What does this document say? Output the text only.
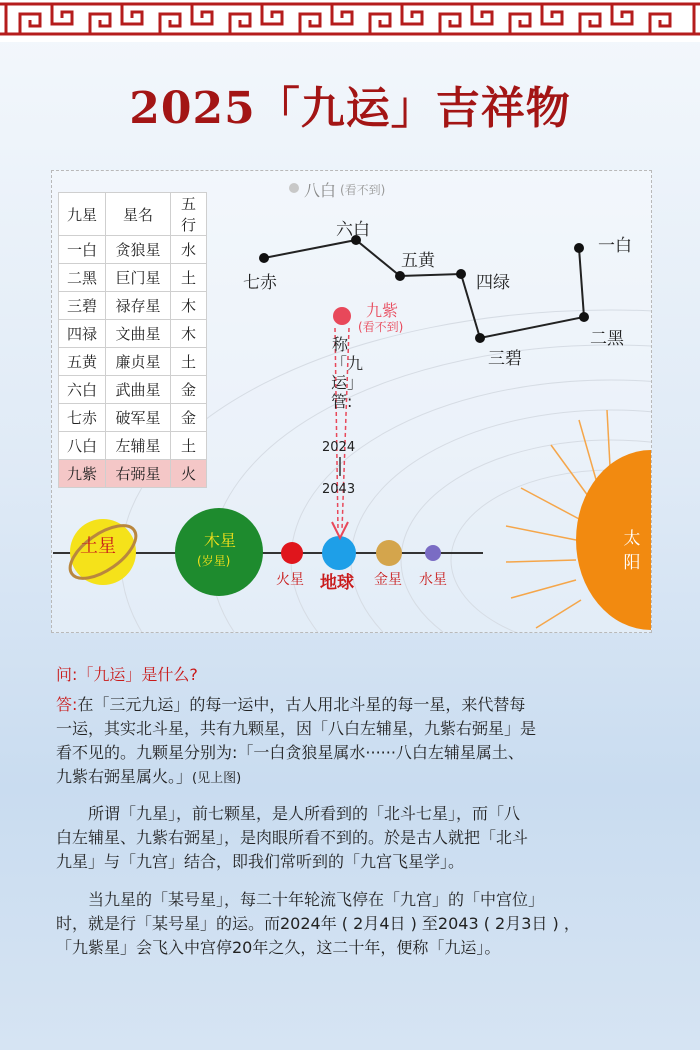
2025「九运」吉祥物
九星	星名	五行
一白	贪狼星	水
二黑	巨门星	土
三碧	禄存星	木
四禄	文曲星	木
五黄	廉贞星	土
六白	武曲星	金
七赤	破军星	金
八白	左辅星	土
九紫	右弼星	火
八白 (看不到)
七赤
六白
五黄
四绿
三碧
二黑
一白
九紫
(看不到)
称「九运」管:
2024
2043
土星	木星
(岁星)
火星 地球 金星 水星
太阳
问:「九运」是什么?
答:在「三元九运」的每一运中，古人用北斗星的每一星，来代替每
一运，其实北斗星，共有九颗星，因「八白左辅星，九紫右弼星」是
看不见的。九颗星分别为:「一白贪狼星属水······八白左辅星属土、
九紫右弼星属火。」(见上图)
所谓「九星」，前七颗星，是人所看到的「北斗七星」，而「八
白左辅星、九紫右弼星」，是肉眼所看不到的。於是古人就把「北斗
九星」与「九宫」结合，即我们常听到的「九宫飞星学」。
当九星的「某号星」，每二十年轮流飞停在「九宫」的「中宫位」
时，就是行「某号星」的运。而2024年 ( 2月4日 ) 至2043 ( 2月3日 ) ，
「九紫星」会飞入中宫停20年之久，这二十年，便称「九运」。
